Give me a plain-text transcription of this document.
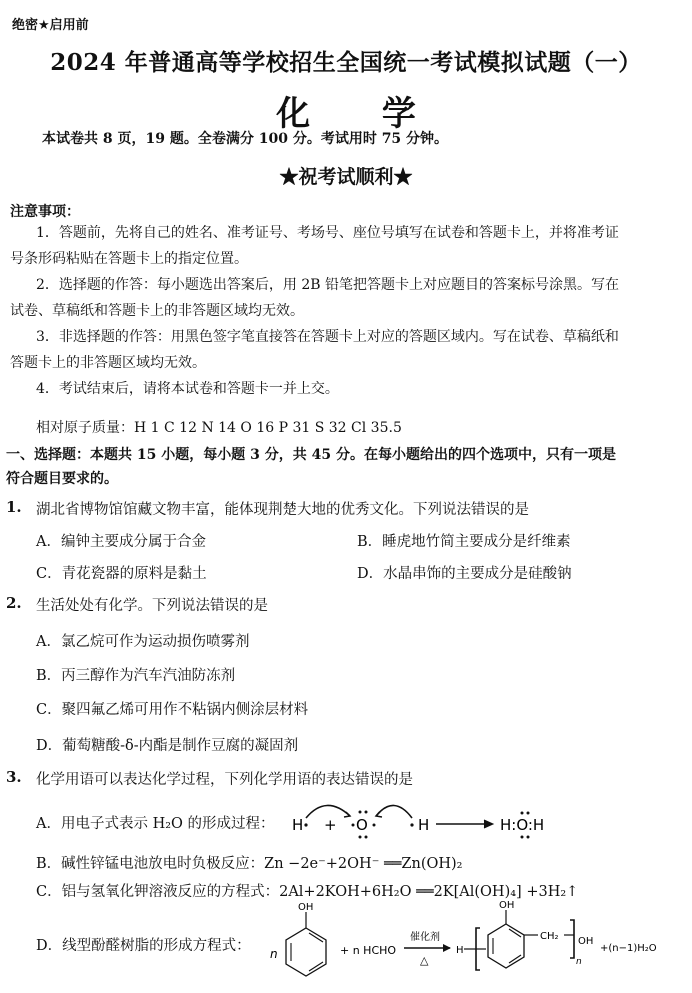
绝密★启用前
2024 年普通高等学校招生全国统一考试模拟试题（一）
化 学
本试卷共 8 页，19 题。全卷满分 100 分。考试用时 75 分钟。
★祝考试顺利★
注意事项：
1．答题前，先将自己的姓名、准考证号、考场号、座位号填写在试卷和答题卡上，并将准考证
号条形码粘贴在答题卡上的指定位置。
2．选择题的作答：每小题选出答案后，用 2B 铅笔把答题卡上对应题目的答案标号涂黑。写在
试卷、草稿纸和答题卡上的非答题区域均无效。
3．非选择题的作答：用黑色签字笔直接答在答题卡上对应的答题区域内。写在试卷、草稿纸和
答题卡上的非答题区域均无效。
4．考试结束后，请将本试卷和答题卡一并上交。
相对原子质量：H 1 C 12 N 14 O 16 P 31 S 32 Cl 35.5
一、选择题：本题共 15 小题，每小题 3 分，共 45 分。在每小题给出的四个选项中，只有一项是
符合题目要求的。
1. 湖北省博物馆馆藏文物丰富，能体现荆楚大地的优秀文化。下列说法错误的是
A．编钟主要成分属于合金	B．睡虎地竹简主要成分是纤维素
C．青花瓷器的原料是黏土	D．水晶串饰的主要成分是硅酸钠
2. 生活处处有化学。下列说法错误的是
A．氯乙烷可作为运动损伤喷雾剂
B．丙三醇作为汽车汽油防冻剂
C．聚四氟乙烯可用作不粘锅内侧涂层材料
D．葡萄糖酸-δ-内酯是制作豆腐的凝固剂
3. 化学用语可以表达化学过程，下列化学用语的表达错误的是
A．用电子式表示 H₂O 的形成过程： H + O	H	H:O:H
B．碱性锌锰电池放电时负极反应：Zn −2e⁻+2OH⁻ ══Zn(OH)₂
C．铝与氢氧化钾溶液反应的方程式：2Al+2KOH+6H₂O ══2K[Al(OH)₄] +3H₂↑
D．线型酚醛树脂的形成方程式： n
OH
+ n HCHO
催化剂
△
H
OH
CH₂
n
OH
+(n−1)H₂O
